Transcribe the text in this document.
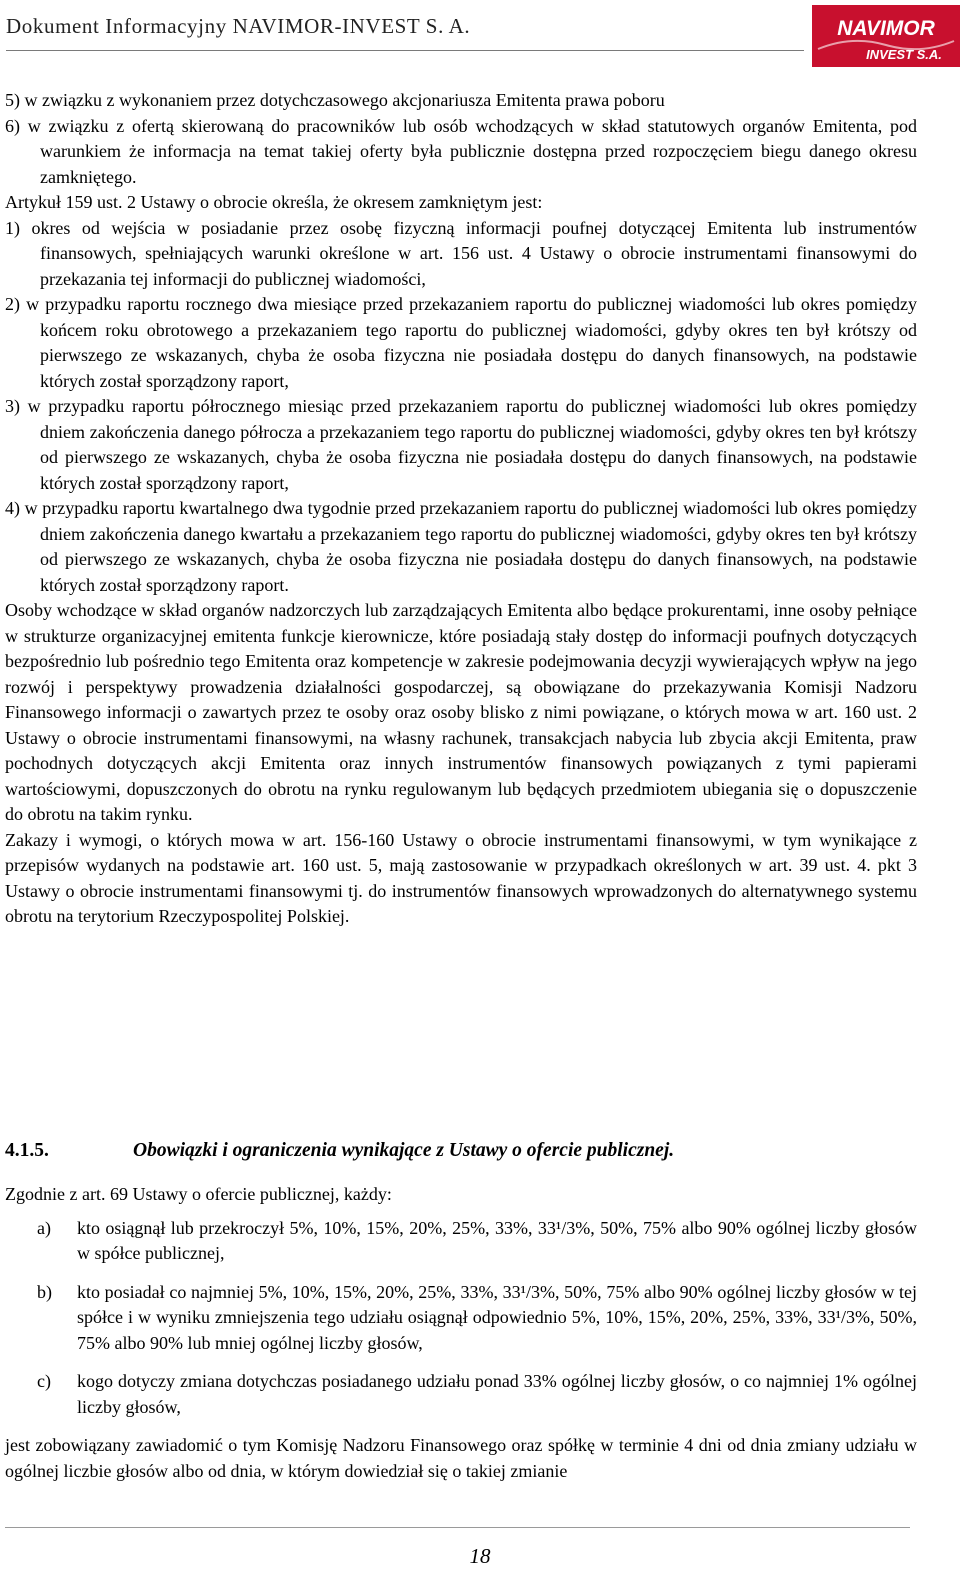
Dokument Informacyjny NAVIMOR-INVEST S. A.	NAVIMOR
INVEST S.A.

5) w związku z wykonaniem przez dotychczasowego akcjonariusza Emitenta prawa poboru

6) w związku z ofertą skierowaną do pracowników lub osób wchodzących w skład statutowych organów Emitenta, pod warunkiem że informacja na temat takiej oferty była publicznie dostępna przed rozpoczęciem biegu danego okresu zamkniętego.

Artykuł 159 ust. 2 Ustawy o obrocie określa, że okresem zamkniętym jest:

1) okres od wejścia w posiadanie przez osobę fizyczną informacji poufnej dotyczącej Emitenta lub instrumentów finansowych, spełniających warunki określone w art. 156 ust. 4 Ustawy o obrocie instrumentami finansowymi do przekazania tej informacji do publicznej wiadomości,

2) w przypadku raportu rocznego dwa miesiące przed przekazaniem raportu do publicznej wiadomości lub okres pomiędzy końcem roku obrotowego a przekazaniem tego raportu do publicznej wiadomości, gdyby okres ten był krótszy od pierwszego ze wskazanych, chyba że osoba fizyczna nie posiadała dostępu do danych finansowych, na podstawie których został sporządzony raport,

3) w przypadku raportu półrocznego miesiąc przed przekazaniem raportu do publicznej wiadomości lub okres pomiędzy dniem zakończenia danego półrocza a przekazaniem tego raportu do publicznej wiadomości, gdyby okres ten był krótszy od pierwszego ze wskazanych, chyba że osoba fizyczna nie posiadała dostępu do danych finansowych, na podstawie których został sporządzony raport,

4) w przypadku raportu kwartalnego dwa tygodnie przed przekazaniem raportu do publicznej wiadomości lub okres pomiędzy dniem zakończenia danego kwartału a przekazaniem tego raportu do publicznej wiadomości, gdyby okres ten był krótszy od pierwszego ze wskazanych, chyba że osoba fizyczna nie posiadała dostępu do danych finansowych, na podstawie których został sporządzony raport.

Osoby wchodzące w skład organów nadzorczych lub zarządzających Emitenta albo będące prokurentami, inne osoby pełniące w strukturze organizacyjnej emitenta funkcje kierownicze, które posiadają stały dostęp do informacji poufnych dotyczących bezpośrednio lub pośrednio tego Emitenta oraz kompetencje w zakresie podejmowania decyzji wywierających wpływ na jego rozwój i perspektywy prowadzenia działalności gospodarczej, są obowiązane do przekazywania Komisji Nadzoru Finansowego informacji o zawartych przez te osoby oraz osoby blisko z nimi powiązane, o których mowa w art. 160 ust. 2 Ustawy o obrocie instrumentami finansowymi, na własny rachunek, transakcjach nabycia lub zbycia akcji Emitenta, praw pochodnych dotyczących akcji Emitenta oraz innych instrumentów finansowych powiązanych z tymi papierami wartościowymi, dopuszczonych do obrotu na rynku regulowanym lub będących przedmiotem ubiegania się o dopuszczenie do obrotu na takim rynku.

Zakazy i wymogi, o których mowa w art. 156-160 Ustawy o obrocie instrumentami finansowymi, w tym wynikające z przepisów wydanych na podstawie art. 160 ust. 5, mają zastosowanie w przypadkach określonych w art. 39 ust. 4. pkt 3 Ustawy o obrocie instrumentami finansowymi tj. do instrumentów finansowych wprowadzonych do alternatywnego systemu obrotu na terytorium Rzeczypospolitej Polskiej.

4.1.5.	Obowiązki i ograniczenia wynikające z Ustawy o ofercie publicznej.

Zgodnie z art. 69 Ustawy o ofercie publicznej, każdy:

a) kto osiągnął lub przekroczył 5%, 10%, 15%, 20%, 25%, 33%, 33¹/3%, 50%, 75% albo 90% ogólnej liczby głosów w spółce publicznej,

b) kto posiadał co najmniej 5%, 10%, 15%, 20%, 25%, 33%, 33¹/3%, 50%, 75% albo 90% ogólnej liczby głosów w tej spółce i w wyniku zmniejszenia tego udziału osiągnął odpowiednio 5%, 10%, 15%, 20%, 25%, 33%, 33¹/3%, 50%, 75% albo 90% lub mniej ogólnej liczby głosów,

c) kogo dotyczy zmiana dotychczas posiadanego udziału ponad 33% ogólnej liczby głosów, o co najmniej 1% ogólnej liczby głosów,

jest zobowiązany zawiadomić o tym Komisję Nadzoru Finansowego oraz spółkę w terminie 4 dni od dnia zmiany udziału w ogólnej liczbie głosów albo od dnia, w którym dowiedział się o takiej zmianie

18
